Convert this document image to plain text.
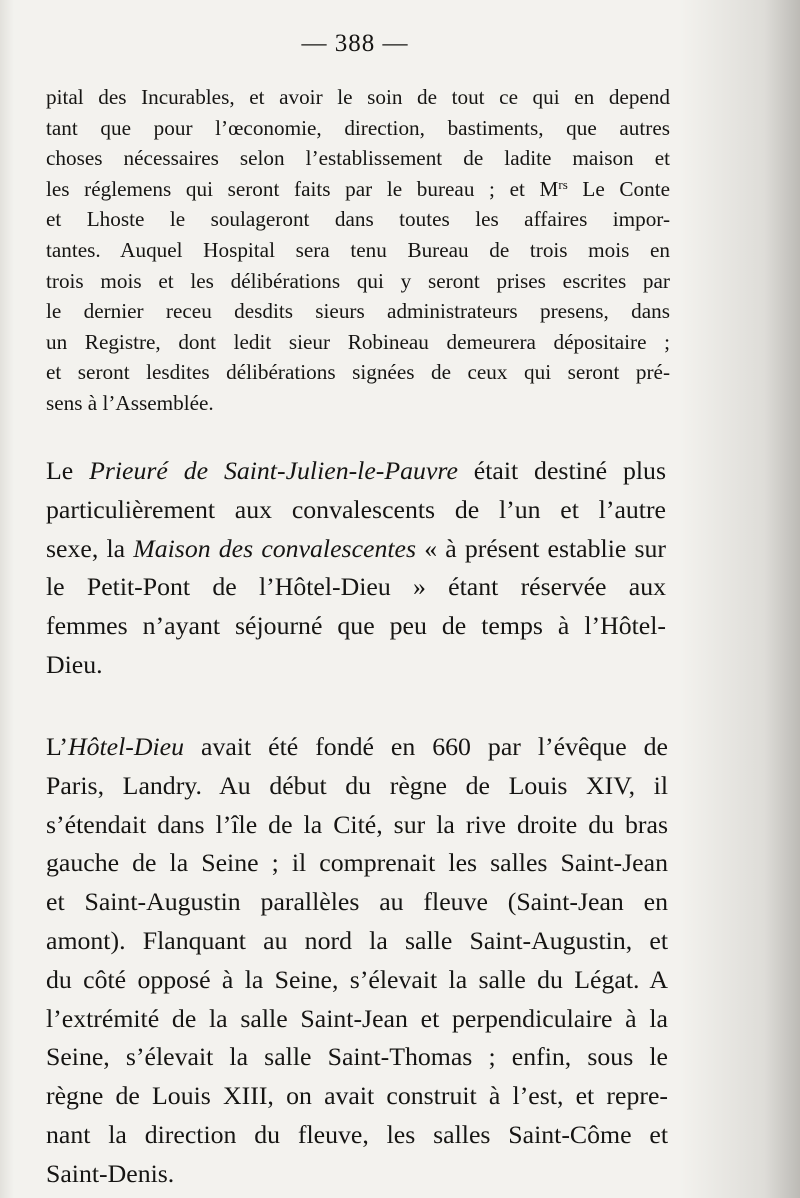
— 388 —
pital des Incurables, et avoir le soin de tout ce qui en depend
tant que pour l’œconomie, direction, bastiments, que autres
choses nécessaires selon l’establissement de ladite maison et
les réglemens qui seront faits par le bureau ; et $M^{rs}$ Le Conte
et Lhoste le soulageront dans toutes les affaires impor-
tantes. Auquel Hospital sera tenu Bureau de trois mois en
trois mois et les délibérations qui y seront prises escrites par
le dernier receu desdits sieurs administrateurs presens, dans
un Registre, dont ledit sieur Robineau demeurera dépositaire ;
et seront lesdites délibérations signées de ceux qui seront pré-
sens à l’Assemblée.
Le Prieuré de Saint-Julien-le-Pauvre était destiné plus
particulièrement aux convalescents de l’un et l’autre
sexe, la Maison des convalescentes « à présent establie sur
le Petit-Pont de l’Hôtel-Dieu » étant réservée aux
femmes n’ayant séjourné que peu de temps à l’Hôtel-
Dieu.
L’Hôtel-Dieu avait été fondé en 660 par l’évêque de
Paris, Landry. Au début du règne de Louis XIV, il
s’étendait dans l’île de la Cité, sur la rive droite du bras
gauche de la Seine ; il comprenait les salles Saint-Jean
et Saint-Augustin parallèles au fleuve (Saint-Jean en
amont). Flanquant au nord la salle Saint-Augustin, et
du côté opposé à la Seine, s’élevait la salle du Légat. A
l’extrémité de la salle Saint-Jean et perpendiculaire à la
Seine, s’élevait la salle Saint-Thomas ; enfin, sous le
règne de Louis XIII, on avait construit à l’est, et repre-
nant la direction du fleuve, les salles Saint-Côme et
Saint-Denis.
